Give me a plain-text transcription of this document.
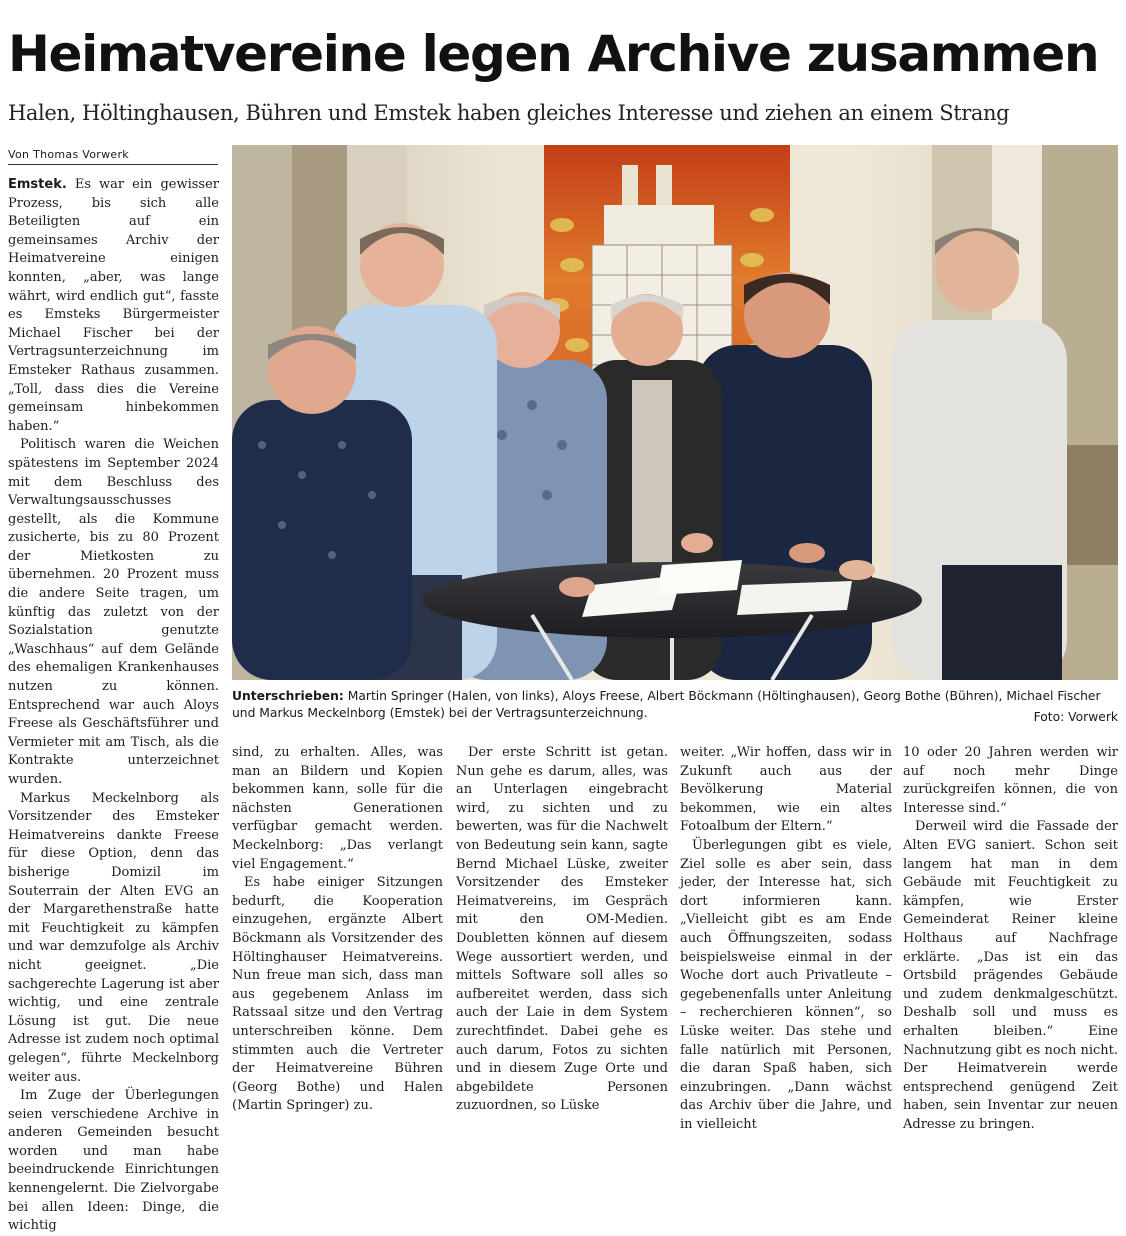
Heimatvereine legen Archive zusammen
Halen, Höltinghausen, Bühren und Emstek haben gleiches Interesse und ziehen an einem Strang
Von Thomas Vorwerk

Emstek. Es war ein gewisser Prozess, bis sich alle Beteiligten auf ein gemeinsames Archiv der Heimatvereine einigen konnten, „aber, was lange währt, wird endlich gut“, fasste es Emsteks Bürgermeister Michael Fischer bei der Vertragsunterzeichnung im Emsteker Rathaus zusammen. „Toll, dass dies die Vereine gemeinsam hinbekommen haben.“

Politisch waren die Weichen spätestens im September 2024 mit dem Beschluss des Verwaltungsausschusses gestellt, als die Kommune zusicherte, bis zu 80 Prozent der Mietkosten zu übernehmen. 20 Prozent muss die andere Seite tragen, um künftig das zuletzt von der Sozialstation genutzte „Waschhaus“ auf dem Gelände des ehemaligen Krankenhauses nutzen zu können. Entsprechend war auch Aloys Freese als Geschäftsführer und Vermieter mit am Tisch, als die Kontrakte unterzeichnet wurden.

Markus Meckelnborg als Vorsitzender des Emsteker Heimatvereins dankte Freese für diese Option, denn das bisherige Domizil im Souterrain der Alten EVG an der Margarethenstraße hatte mit Feuchtigkeit zu kämpfen und war demzufolge als Archiv nicht geeignet. „Die sachgerechte Lagerung ist aber wichtig, und eine zentrale Lösung ist gut. Die neue Adresse ist zudem noch optimal gelegen“, führte Meckelnborg weiter aus.

Im Zuge der Überlegungen seien verschiedene Archive in anderen Gemeinden besucht worden und man habe beeindruckende Einrichtungen kennengelernt. Die Zielvorgabe bei allen Ideen: Dinge, die wichtig

Unterschrieben: Martin Springer (Halen, von links), Aloys Freese, Albert Böckmann (Höltinghausen), Georg Bothe (Bühren), Michael Fischer
und Markus Meckelnborg (Emstek) bei der Vertragsunterzeichnung.	Foto: Vorwerk

sind, zu erhalten. Alles, was man an Bildern und Kopien bekommen kann, solle für die nächsten Generationen verfügbar gemacht werden. Meckelnborg: „Das verlangt viel Engagement.“

Es habe einiger Sitzungen bedurft, die Kooperation einzugehen, ergänzte Albert Böckmann als Vorsitzender des Höltinghauser Heimatvereins. Nun freue man sich, dass man aus gegebenem Anlass im Ratssaal sitze und den Vertrag unterschreiben könne. Dem stimmten auch die Vertreter der Heimatvereine Bühren (Georg Bothe) und Halen (Martin Springer) zu.

Der erste Schritt ist getan. Nun gehe es darum, alles, was an Unterlagen eingebracht wird, zu sichten und zu bewerten, was für die Nachwelt von Bedeutung sein kann, sagte Bernd Michael Lüske, zweiter Vorsitzender des Emsteker Heimatvereins, im Gespräch mit den OM-Medien. Doubletten können auf diesem Wege aussortiert werden, und mittels Software soll alles so aufbereitet werden, dass sich auch der Laie in dem System zurechtfindet. Dabei gehe es auch darum, Fotos zu sichten und in diesem Zuge Orte und abgebildete Personen zuzuordnen, so Lüske

weiter. „Wir hoffen, dass wir in Zukunft auch aus der Bevölkerung Material bekommen, wie ein altes Fotoalbum der Eltern.“

Überlegungen gibt es viele, Ziel solle es aber sein, dass jeder, der Interesse hat, sich dort informieren kann. „Vielleicht gibt es am Ende auch Öffnungszeiten, sodass beispielsweise einmal in der Woche dort auch Privatleute – gegebenenfalls unter Anleitung – recherchieren können“, so Lüske weiter. Das stehe und falle natürlich mit Personen, die daran Spaß haben, sich einzubringen. „Dann wächst das Archiv über die Jahre, und in vielleicht

10 oder 20 Jahren werden wir auf noch mehr Dinge zurückgreifen können, die von Interesse sind.“

Derweil wird die Fassade der Alten EVG saniert. Schon seit langem hat man in dem Gebäude mit Feuchtigkeit zu kämpfen, wie Erster Gemeinderat Reiner kleine Holthaus auf Nachfrage erklärte. „Das ist ein das Ortsbild prägendes Gebäude und zudem denkmalgeschützt. Deshalb soll und muss es erhalten bleiben.“ Eine Nachnutzung gibt es noch nicht. Der Heimatverein werde entsprechend genügend Zeit haben, sein Inventar zur neuen Adresse zu bringen.
